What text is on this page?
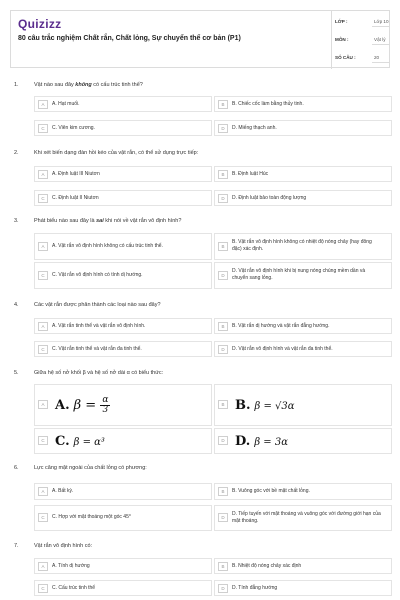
Quizizz
80 câu trắc nghiệm Chất rắn, Chất lỏng, Sự chuyển thể cơ bản (P1)
LỚP :	Lớp 10
MÔN :	Vật lý
SỐ CÂU :	20
1.	Vật nào sau đây không có cấu trúc tinh thể?
A	A. Hạt muối.	B	B. Chiếc cốc làm bằng thủy tinh.
C	C. Viên kim cương.	D	D. Miếng thạch anh.
2.	Khi xét biến dạng đàn hồi kéo của vật rắn, có thể sử dụng trực tiếp:
A	A. Định luật III Niutơn	B	B. Định luật Húc
C	C. Định luật II Niutơn	D	D. Định luật bảo toàn động lượng
3.	Phát biểu nào sau đây là sai khi nói về vật rắn vô định hình?
A	A. Vật rắn vô định hình không có cấu trúc tinh thể.	B
B. Vật rắn vô định hình không có nhiệt độ nóng chảy (hay đông đặc) xác định.
C	C. Vật rắn vô định hình có tính dị hướng.	D
D. Vật rắn vô định hình khi bị nung nóng chúng mềm dần và chuyển sang lỏng.
4.	Các vật rắn được phân thành các loại nào sau đây?
A	A. Vật rắn tinh thể và vật rắn vô định hình.	B	B. Vật rắn dị hướng và vật rắn đẳng hướng.
C	C. Vật rắn tinh thể và vật rắn đa tinh thể.	D	D. Vật rắn vô định hình và vật rắn đa tinh thể.
5.	Giữa hệ số nở khối β và hệ số nở dài α có biểu thức:
A A. $\beta = \frac{\alpha}{3}$	B B. β = √3α
C C. β = α³	D D. β = 3α
6.	Lực căng mặt ngoài của chất lỏng có phương:
A	A. Bất kỳ.	B	B. Vuông góc với bề mặt chất lỏng.
C	C. Hợp với mặt thoáng một góc 45⁰	D
D. Tiếp tuyến với mặt thoáng và vuông góc với đường giới hạn của mặt thoáng.
7.	Vật rắn vô định hình có:
A	A. Tính dị hướng	B	B. Nhiệt độ nóng chảy xác định
C	C. Cấu trúc tinh thể	D	D. Tính đẳng hướng
